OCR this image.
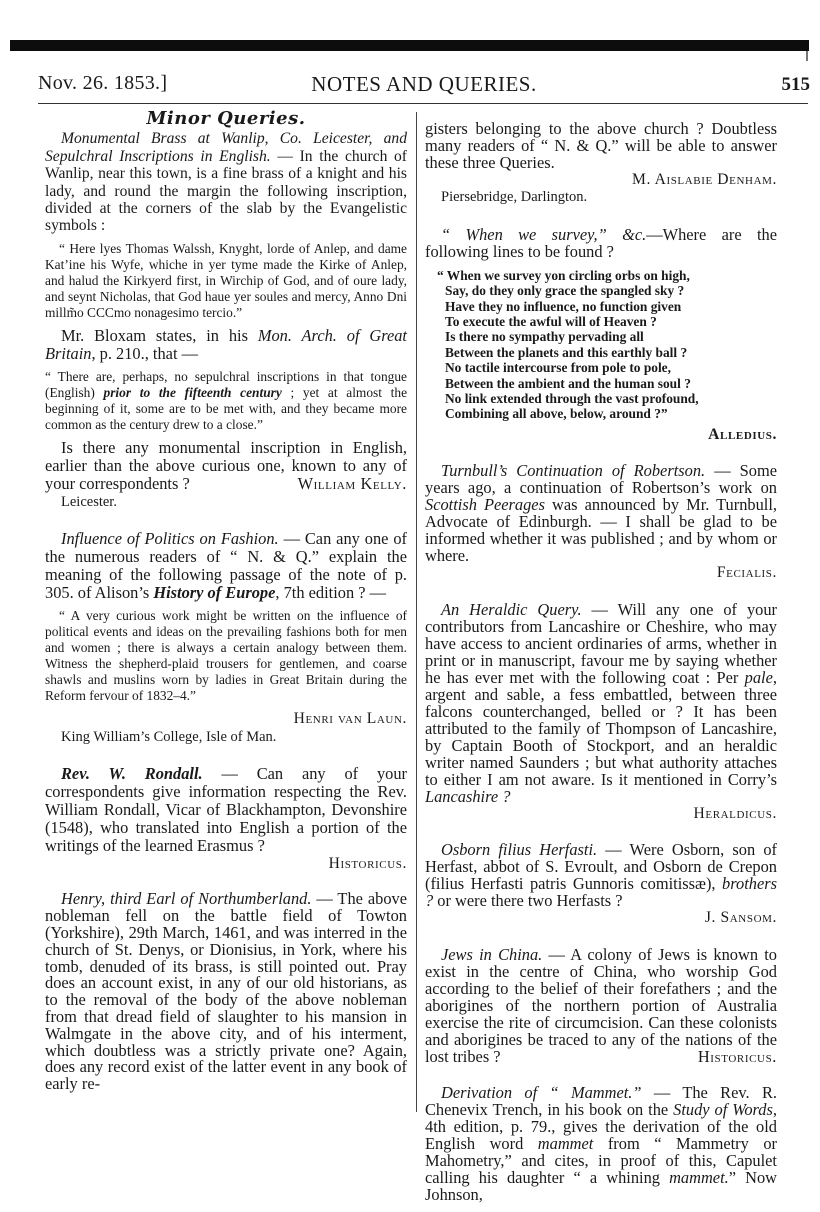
Nov. 26. 1853.]	NOTES AND QUERIES.	515
Minor Queries.

Monumental Brass at Wanlip, Co. Leicester, and Sepulchral Inscriptions in English. — In the church of Wanlip, near this town, is a fine brass of a knight and his lady, and round the margin the following inscription, divided at the corners of the slab by the Evangelistic symbols :

“ Here lyes Thomas Walssh, Knyght, lorde of Anlep, and dame Kat’ine his Wyfe, whiche in yer tyme made the Kirke of Anlep, and halud the Kirkyerd first, in Wirchip of God, and of oure lady, and seynt Nicholas, that God haue yer soules and mercy, Anno Dni millm̃o CCCmo nonagesimo tercio.”

Mr. Bloxam states, in his Mon. Arch. of Great Britain, p. 210., that —

“ There are, perhaps, no sepulchral inscriptions in that tongue (English) prior to the fifteenth century ; yet at almost the beginning of it, some are to be met with, and they became more common as the century drew to a close.”

Is there any monumental inscription in English, earlier than the above curious one, known to any of your correspondents ?	William Kelly.

Leicester.

Influence of Politics on Fashion. — Can any one of the numerous readers of “ N. & Q.” explain the meaning of the following passage of the note of p. 305. of Alison’s History of Europe, 7th edition ? —

“ A very curious work might be written on the influence of political events and ideas on the prevailing fashions both for men and women ; there is always a certain analogy between them. Witness the shepherd-plaid trousers for gentlemen, and coarse shawls and muslins worn by ladies in Great Britain during the Reform fervour of 1832–4.”
Henri van Laun.
King William’s College, Isle of Man.

Rev. W. Rondall. — Can any of your correspondents give information respecting the Rev. William Rondall, Vicar of Blackhampton, Devonshire (1548), who translated into English a portion of the writings of the learned Erasmus ?

Historicus.

Henry, third Earl of Northumberland. — The above nobleman fell on the battle field of Towton (Yorkshire), 29th March, 1461, and was interred in the church of St. Denys, or Dionisius, in York, where his tomb, denuded of its brass, is still pointed out. Pray does an account exist, in any of our old historians, as to the removal of the body of the above nobleman from that dread field of slaughter to his mansion in Walmgate in the above city, and of his interment, which doubtless was a strictly private one? Again, does any record exist of the latter event in any book of early re-

gisters belonging to the above church ? Doubtless many readers of “ N. & Q.” will be able to answer these three Queries.

M. Aislabie Denham.
Piersebridge, Darlington.

“ When we survey,” &c.—Where are the following lines to be found ?

“ When we survey yon circling orbs on high,
Say, do they only grace the spangled sky ?
Have they no influence, no function given
To execute the awful will of Heaven ?
Is there no sympathy pervading all
Between the planets and this earthly ball ?
No tactile intercourse from pole to pole,
Between the ambient and the human soul ?
No link extended through the vast profound,
Combining all above, below, around ?”
Alledius.

Turnbull’s Continuation of Robertson. — Some years ago, a continuation of Robertson’s work on Scottish Peerages was announced by Mr. Turnbull, Advocate of Edinburgh. — I shall be glad to be informed whether it was published ; and by whom or where.

Fecialis.

An Heraldic Query. — Will any one of your contributors from Lancashire or Cheshire, who may have access to ancient ordinaries of arms, whether in print or in manuscript, favour me by saying whether he has ever met with the following coat : Per pale, argent and sable, a fess embattled, between three falcons counterchanged, belled or ? It has been attributed to the family of Thompson of Lancashire, by Captain Booth of Stockport, and an heraldic writer named Saunders ; but what authority attaches to either I am not aware. Is it mentioned in Corry’s Lancashire ?

Heraldicus.

Osborn filius Herfasti. — Were Osborn, son of Herfast, abbot of S. Evroult, and Osborn de Crepon (filius Herfasti patris Gunnoris comitissæ), brothers ? or were there two Herfasts ?

J. Sansom.

Jews in China. — A colony of Jews is known to exist in the centre of China, who worship God according to the belief of their forefathers ; and the aborigines of the northern portion of Australia exercise the rite of circumcision. Can these colonists and aborigines be traced to any of the nations of the lost tribes ?	Historicus.

Derivation of “ Mammet.” — The Rev. R. Chenevix Trench, in his book on the Study of Words, 4th edition, p. 79., gives the derivation of the old English word mammet from “ Mammetry or Mahometry,” and cites, in proof of this, Capulet calling his daughter “ a whining mammet.” Now Johnson,
